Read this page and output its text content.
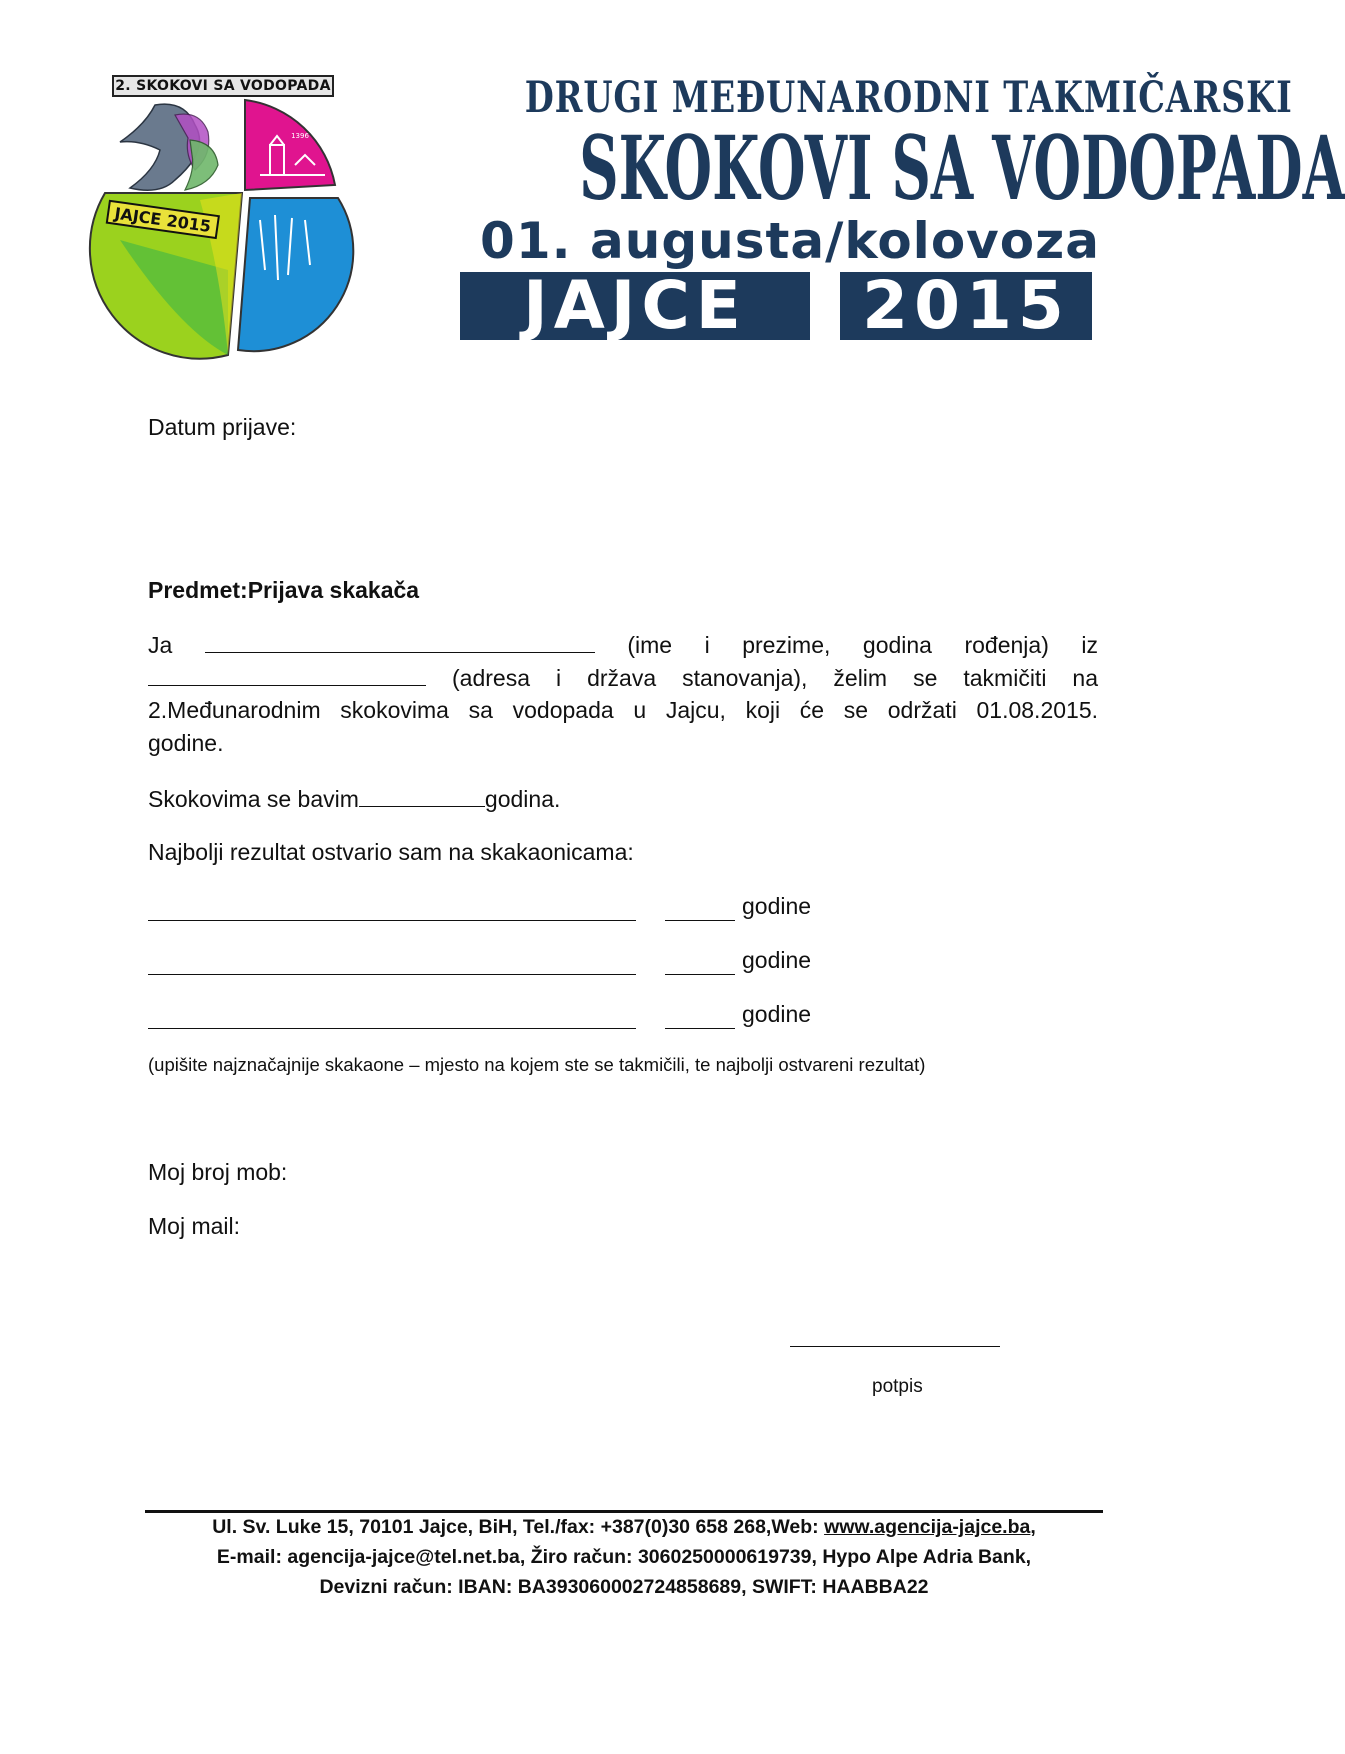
JAJCE 2015
1396
2. SKOKOVI SA VODOPADA	DRUGI MEĐUNARODNI TAKMIČARSKI
SKOKOVI SA VODOPADA
01. augusta/kolovoza
JAJCE	2015
Datum prijave:
Predmet:Prijava skakača
Ja	(ime i prezime, godina rođenja) iz
(adresa i država stanovanja), želim se takmičiti na
2.Međunarodnim skokovima sa vodopada u Jajcu, koji će se održati 01.08.2015.
godine.
Skokovima se bavim	godina.
Najbolji rezultat ostvario sam na skakaonicama:
godine
godine
godine
(upišite najznačajnije skakaone – mjesto na kojem ste se takmičili, te najbolji ostvareni rezultat)
Moj broj mob:
Moj mail:
potpis
Ul. Sv. Luke 15, 70101 Jajce, BiH, Tel./fax: +387(0)30 658 268,Web: www.agencija-jajce.ba,
E-mail: agencija-jajce@tel.net.ba, Žiro račun: 3060250000619739, Hypo Alpe Adria Bank,
Devizni račun: IBAN: BA393060002724858689, SWIFT: HAABBA22
